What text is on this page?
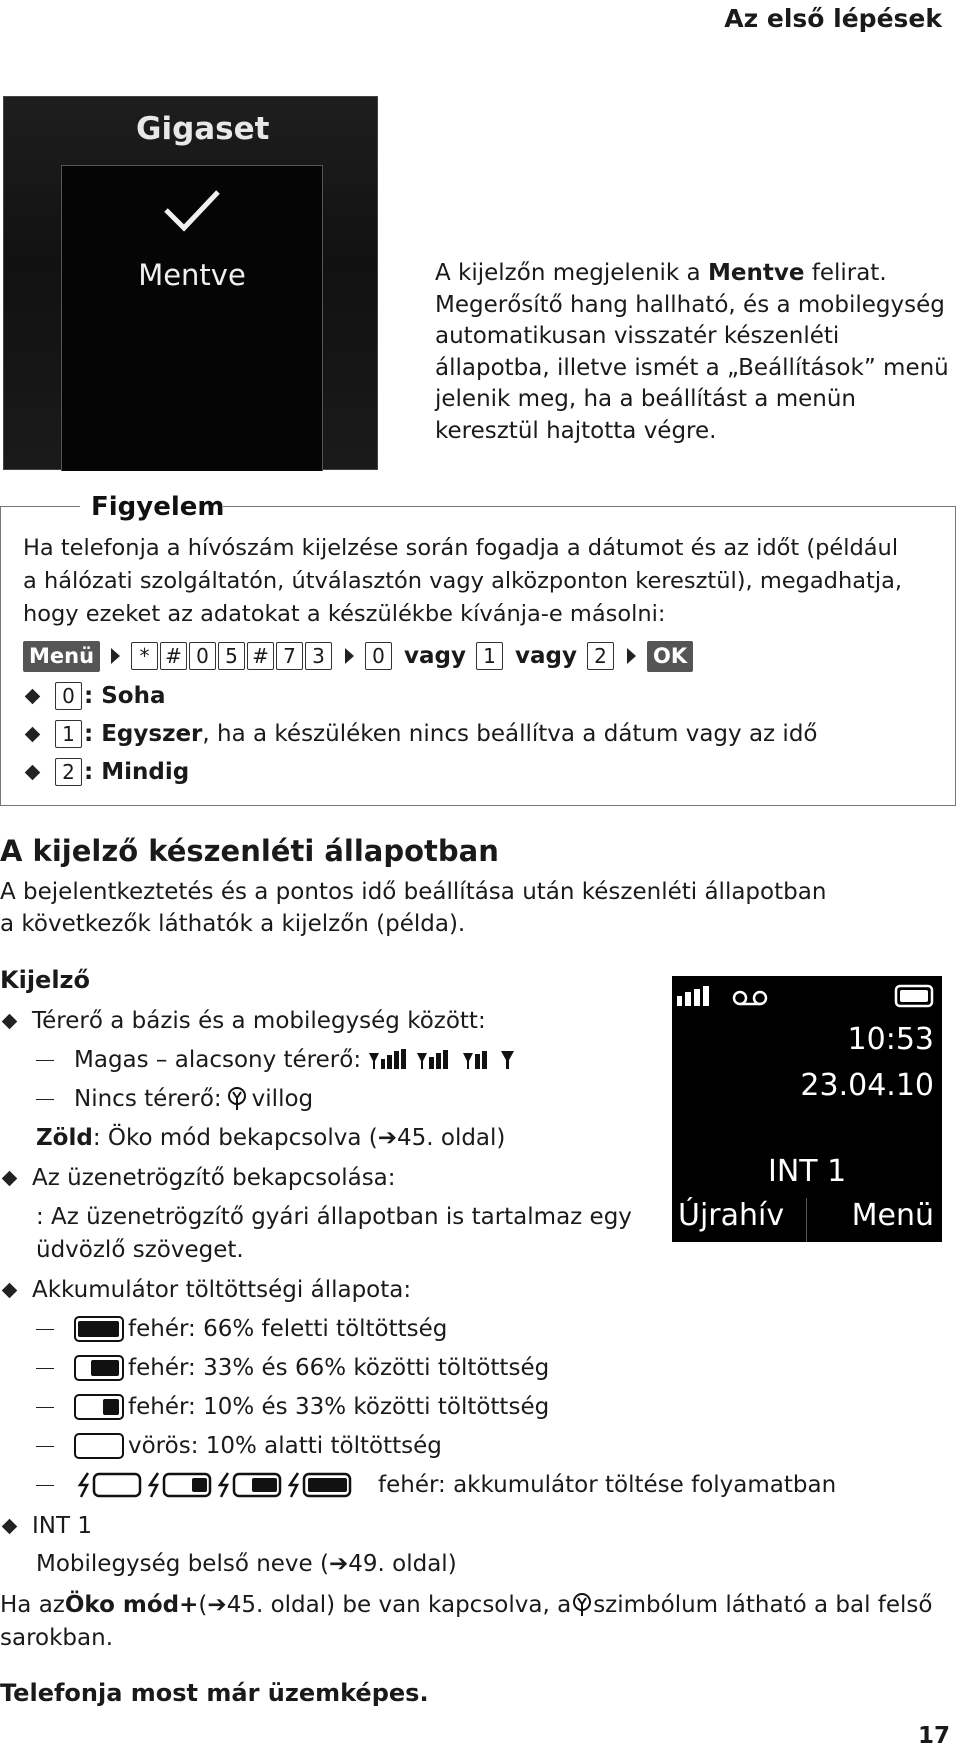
Az első lépések
Gigaset
Mentve	A kijelzőn megjelenik a Mentve felirat.
Megerősítő hang hallható, és a mobilegység
automatikusan visszatér készenléti
állapotba, illetve ismét a „Beállítások” menü
jelenik meg, ha a beállítást a menün
keresztül hajtotta végre.
Figyelem
Ha telefonja a hívószám kijelzése során fogadja a dátumot és az időt (például
a hálózati szolgáltatón, útválasztón vagy alközponton keresztül), megadhatja,
hogy ezeket az adatokat a készülékbe kívánja-e másolni:
Menü	* # 0 5 # 7 3	0 vagy 1 vagy 2	OK
0 : Soha
1 : Egyszer , ha a készüléken nincs beállítva a dátum vagy az idő
2 : Mindig
A kijelző készenléti állapotban
A bejelentkeztetés és a pontos idő beállítása után készenléti állapotban
a következők láthatók a kijelzőn (példa).
Kijelző
10:53
23.04.10
INT 1
Újrahív Menü
Térerő a bázis és a mobilegység között:
Magas – alacsony térerő:
Nincs térerő: villog
Zöld : Öko mód bekapcsolva ( ➔ 45. oldal)
Az üzenetrögzítő bekapcsolása:
: Az üzenetrögzítő gyári állapotban is tartalmaz egy
üdvözlő szöveget.
Akkumulátor töltöttségi állapota:
fehér: 66% feletti töltöttség
fehér: 33% és 66% közötti töltöttség
fehér: 10% és 33% közötti töltöttség
vörös: 10% alatti töltöttség
fehér: akkumulátor töltése folyamatban
INT 1
Mobilegység belső neve ( ➔ 49. oldal)
Ha az Öko mód+ ( ➔ 45. oldal) be van kapcsolva, a szimbólum látható a bal felső
sarokban.
Telefonja most már üzemképes.
17
